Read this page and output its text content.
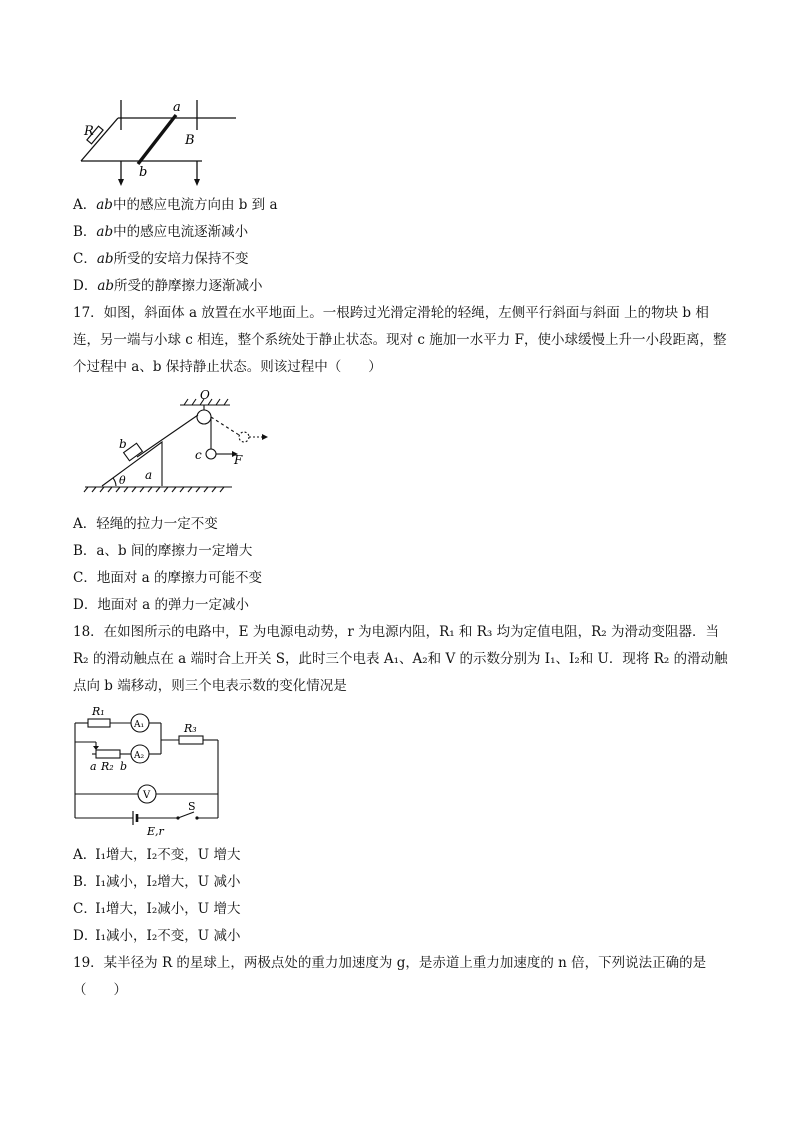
R
a
B
b
A．ab中的感应电流方向由 b 到 a
B．ab中的感应电流逐渐减小
C．ab所受的安培力保持不变
D．ab所受的静摩擦力逐渐减小
17．如图，斜面体 a 放置在水平地面上。一根跨过光滑定滑轮的轻绳，左侧平行斜面与斜面 上的物块 b 相连，另一端与小球 c 相连，整个系统处于静止状态。现对 c 施加一水平力 F，使小球缓慢上升一小段距离，整个过程中 a、b 保持静止状态。则该过程中（　　）
O
b
a
θ
c	F
A．轻绳的拉力一定不变
B．a、b 间的摩擦力一定增大
C．地面对 a 的摩擦力可能不变
D．地面对 a 的弹力一定减小
18．在如图所示的电路中，E 为电源电动势，r 为电源内阻，R₁ 和 R₃ 均为定值电阻，R₂ 为滑动变阻器．当 R₂ 的滑动触点在 a 端时合上开关 S，此时三个电表 A₁、A₂和 V 的示数分别为 I₁、I₂和 U．现将 R₂ 的滑动触点向 b 端移动，则三个电表示数的变化情况是
R₁
A₁	R₃
A₂
a R₂ b
V
S
E,r
A． I₁增大，I₂不变，U 增大
B． I₁减小，I₂增大，U 减小
C． I₁增大，I₂减小，U 增大
D． I₁减小，I₂不变，U 减小
19．某半径为 R 的星球上，两极点处的重力加速度为 g，是赤道上重力加速度的 n 倍，下列说法正确的是（　　）
